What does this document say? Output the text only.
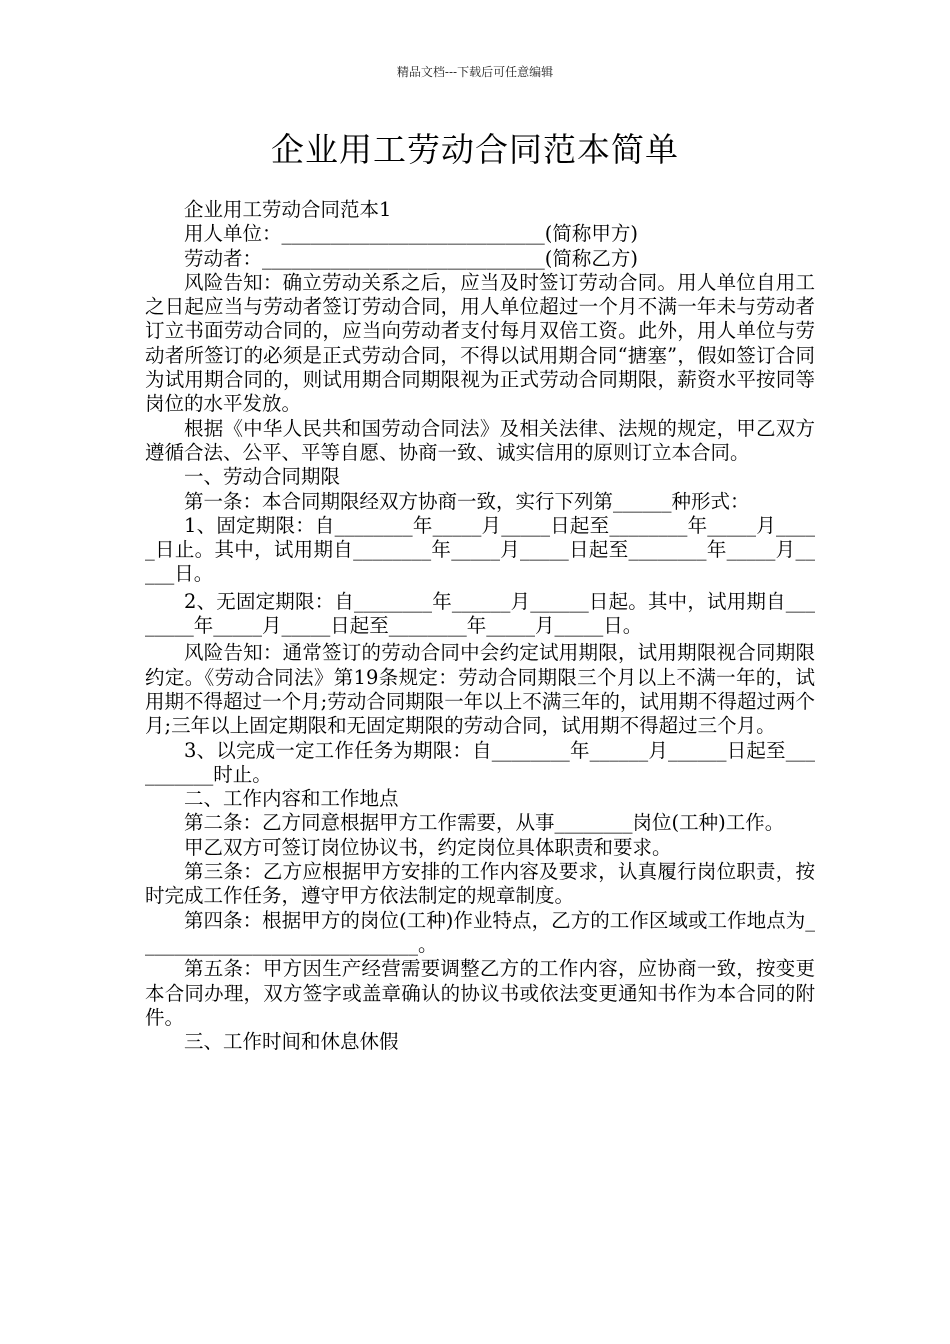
精品文档---下载后可任意编辑
企业用工劳动合同范本简单

企业用工劳动合同范本1

用人单位：___________________________(简称甲方)

劳动者：_____________________________(简称乙方)

风险告知：确立劳动关系之后，应当及时签订劳动合同。用人单位自用工之日起应当与劳动者签订劳动合同，用人单位超过一个月不满一年未与劳动者订立书面劳动合同的，应当向劳动者支付每月双倍工资。此外，用人单位与劳动者所签订的必须是正式劳动合同，不得以试用期合同“搪塞”，假如签订合同为试用期合同的，则试用期合同期限视为正式劳动合同期限，薪资水平按同等岗位的水平发放。

根据《中华人民共和国劳动合同法》及相关法律、法规的规定，甲乙双方遵循合法、公平、平等自愿、协商一致、诚实信用的原则订立本合同。

一、劳动合同期限

第一条：本合同期限经双方协商一致，实行下列第______种形式：

1、固定期限：自________年_____月_____日起至________年_____月_____日止。其中，试用期自________年_____月_____日起至________年_____月_____日。

2、无固定期限：自________年______月______日起。其中，试用期自________年_____月_____日起至________年_____月_____日。

风险告知：通常签订的劳动合同中会约定试用期限，试用期限视合同期限约定。《劳动合同法》第19条规定：劳动合同期限三个月以上不满一年的，试用期不得超过一个月;劳动合同期限一年以上不满三年的，试用期不得超过两个月;三年以上固定期限和无固定期限的劳动合同，试用期不得超过三个月。

3、以完成一定工作任务为期限：自________年______月______日起至__________时止。

二、工作内容和工作地点

第二条：乙方同意根据甲方工作需要，从事________岗位(工种)工作。

甲乙双方可签订岗位协议书，约定岗位具体职责和要求。

第三条：乙方应根据甲方安排的工作内容及要求，认真履行岗位职责，按时完成工作任务，遵守甲方依法制定的规章制度。

第四条：根据甲方的岗位(工种)作业特点，乙方的工作区域或工作地点为_____________________________。

第五条：甲方因生产经营需要调整乙方的工作内容，应协商一致，按变更本合同办理，双方签字或盖章确认的协议书或依法变更通知书作为本合同的附件。

三、工作时间和休息休假
